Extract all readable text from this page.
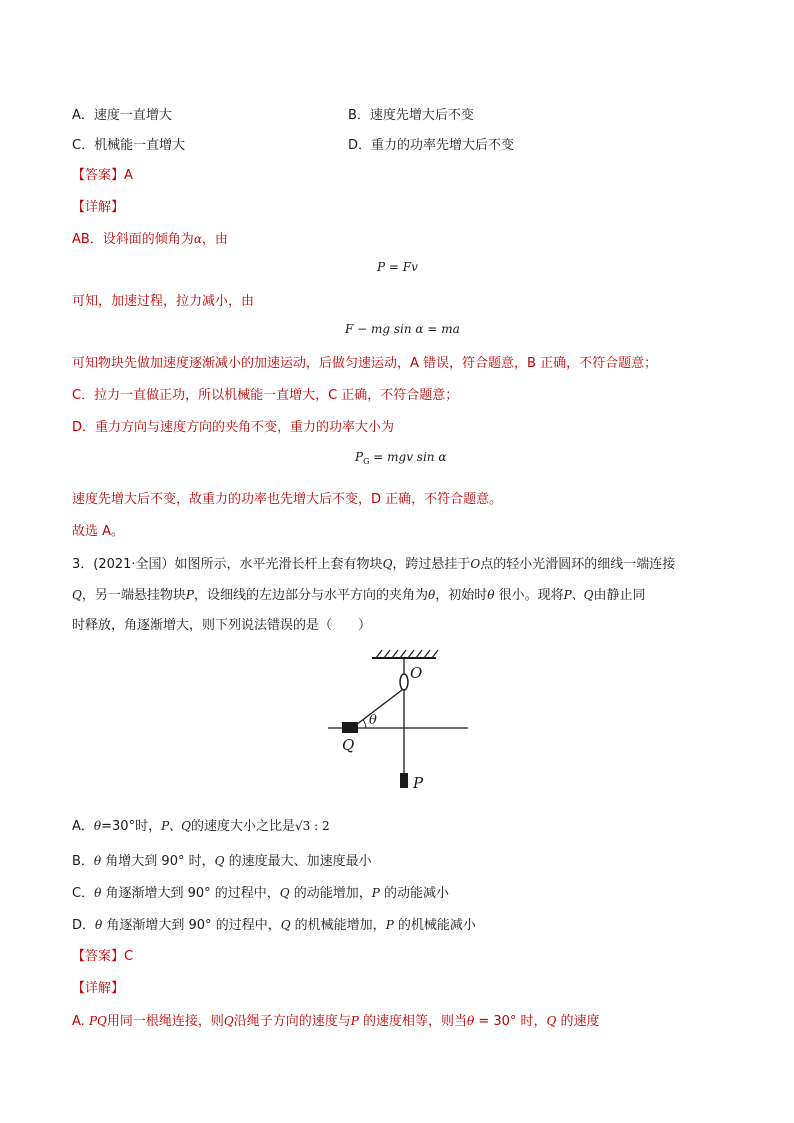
A．速度一直增大	B．速度先增大后不变
C．机械能一直增大	D．重力的功率先增大后不变
【答案】A
【详解】
AB．设斜面的倾角为α，由
P = Fv
可知，加速过程，拉力减小，由
F − mg sin α = ma
可知物块先做加速度逐渐减小的加速运动，后做匀速运动，A 错误，符合题意，B 正确，不符合题意；
C．拉力一直做正功，所以机械能一直增大，C 正确，不符合题意；
D．重力方向与速度方向的夹角不变，重力的功率大小为
$P_G$ = mgv sin α
速度先增大后不变，故重力的功率也先增大后不变，D 正确，不符合题意。
故选 A。
3．(2021·全国）如图所示，水平光滑长杆上套有物块Q，跨过悬挂于O点的轻小光滑圆环的细线一端连接
Q，另一端悬挂物块P，设细线的左边部分与水平方向的夹角为θ，初始时θ 很小。现将P、Q由静止同
时释放，角逐渐增大，则下列说法错误的是（　　）
O
θ
Q
P
A．θ=30°时，P、Q的速度大小之比是√3 : 2
B．θ 角增大到 90° 时，Q 的速度最大、加速度最小
C．θ 角逐渐增大到 90° 的过程中，Q 的动能增加，P 的动能减小
D．θ 角逐渐增大到 90° 的过程中，Q 的机械能增加，P 的机械能减小
【答案】C
【详解】
A. PQ用同一根绳连接，则Q沿绳子方向的速度与P 的速度相等，则当θ = 30° 时，Q 的速度
